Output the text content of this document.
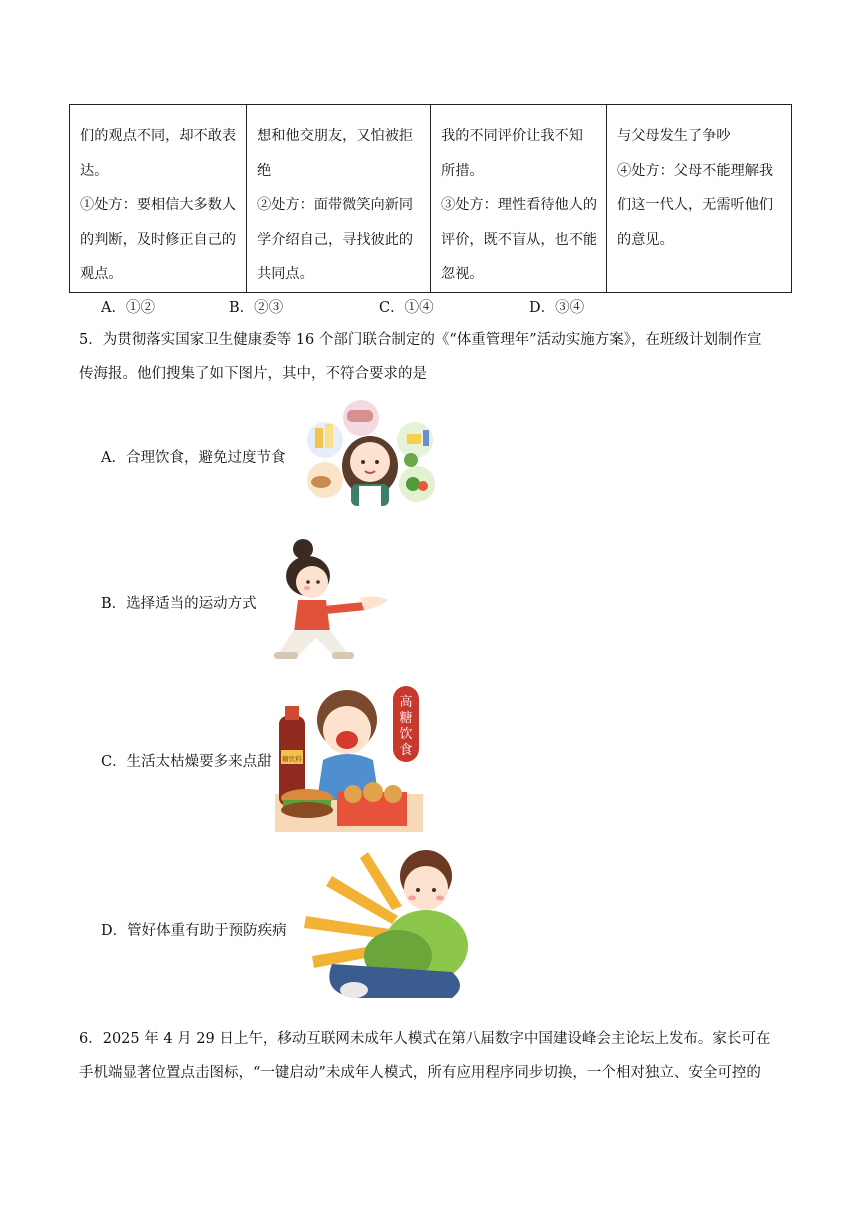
们的观点不同，却不敢表
达。
①处方：要相信大多数人
的判断，及时修正自己的
观点。

想和他交朋友，又怕被拒
绝
②处方：面带微笑向新同
学介绍自己，寻找彼此的
共同点。

我的不同评价让我不知
所措。
③处方：理性看待他人的
评价，既不盲从，也不能
忽视。

与父母发生了争吵
④处方：父母不能理解我
们这一代人，无需听他们
的意见。
A．①②	B．②③	C．①④	D．③④
5．为贯彻落实国家卫生健康委等 16 个部门联合制定的《“体重管理年”活动实施方案》，在班级计划制作宣
传海报。他们搜集了如下图片，其中，不符合要求的是
A．合理饮食，避免过度节食
B．选择适当的运动方式
C．生活太枯燥要多来点甜
高
糖
饮
食
糖饮料
D．管好体重有助于预防疾病
6．2025 年 4 月 29 日上午，移动互联网未成年人模式在第八届数字中国建设峰会主论坛上发布。家长可在
手机端显著位置点击图标，“一键启动”未成年人模式，所有应用程序同步切换，一个相对独立、安全可控的
